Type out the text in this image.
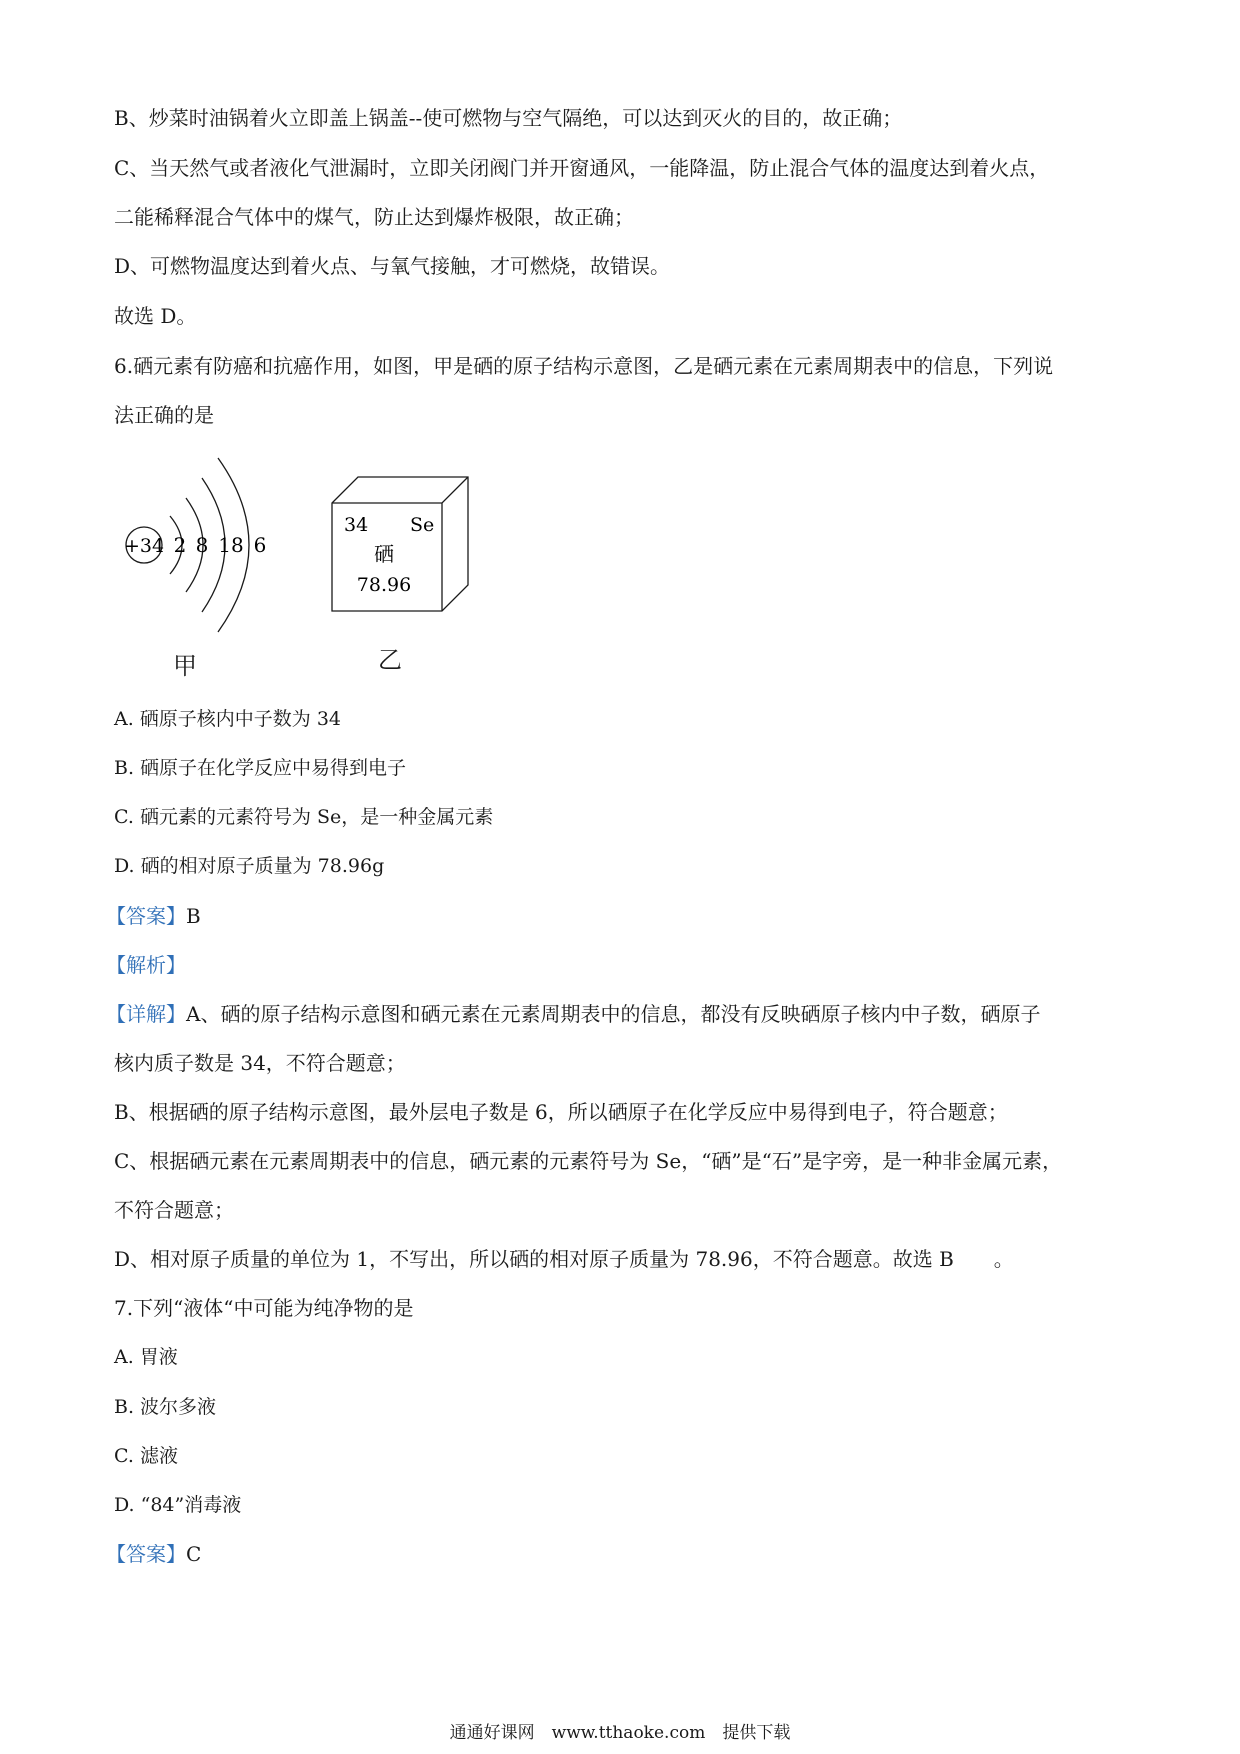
B、炒菜时油锅着火立即盖上锅盖--使可燃物与空气隔绝，可以达到灭火的目的，故正确；
C、当天然气或者液化气泄漏时，立即关闭阀门并开窗通风，一能降温，防止混合气体的温度达到着火点，
二能稀释混合气体中的煤气，防止达到爆炸极限，故正确；
D、可燃物温度达到着火点、与氧气接触，才可燃烧，故错误。
故选 D。
6.硒元素有防癌和抗癌作用，如图，甲是硒的原子结构示意图，乙是硒元素在元素周期表中的信息，下列说
法正确的是
+34 2 8 18 6
34 Se
硒
78.96
甲	乙
A. 硒原子核内中子数为 34
B. 硒原子在化学反应中易得到电子
C. 硒元素的元素符号为 Se，是一种金属元素
D. 硒的相对原子质量为 78.96g
【答案】B
【解析】
【详解】A、硒的原子结构示意图和硒元素在元素周期表中的信息，都没有反映硒原子核内中子数，硒原子
核内质子数是 34，不符合题意；
B、根据硒的原子结构示意图，最外层电子数是 6，所以硒原子在化学反应中易得到电子，符合题意；
C、根据硒元素在元素周期表中的信息，硒元素的元素符号为 Se，“硒”是“石”是字旁，是一种非金属元素，
不符合题意；
D、相对原子质量的单位为 1，不写出，所以硒的相对原子质量为 78.96，不符合题意。故选 B　　。
7.下列“液体“中可能为纯净物的是
A. 胃液
B. 波尔多液
C. 滤液
D. “84”消毒液
【答案】C
通通好课网　www.tthaoke.com　提供下载
